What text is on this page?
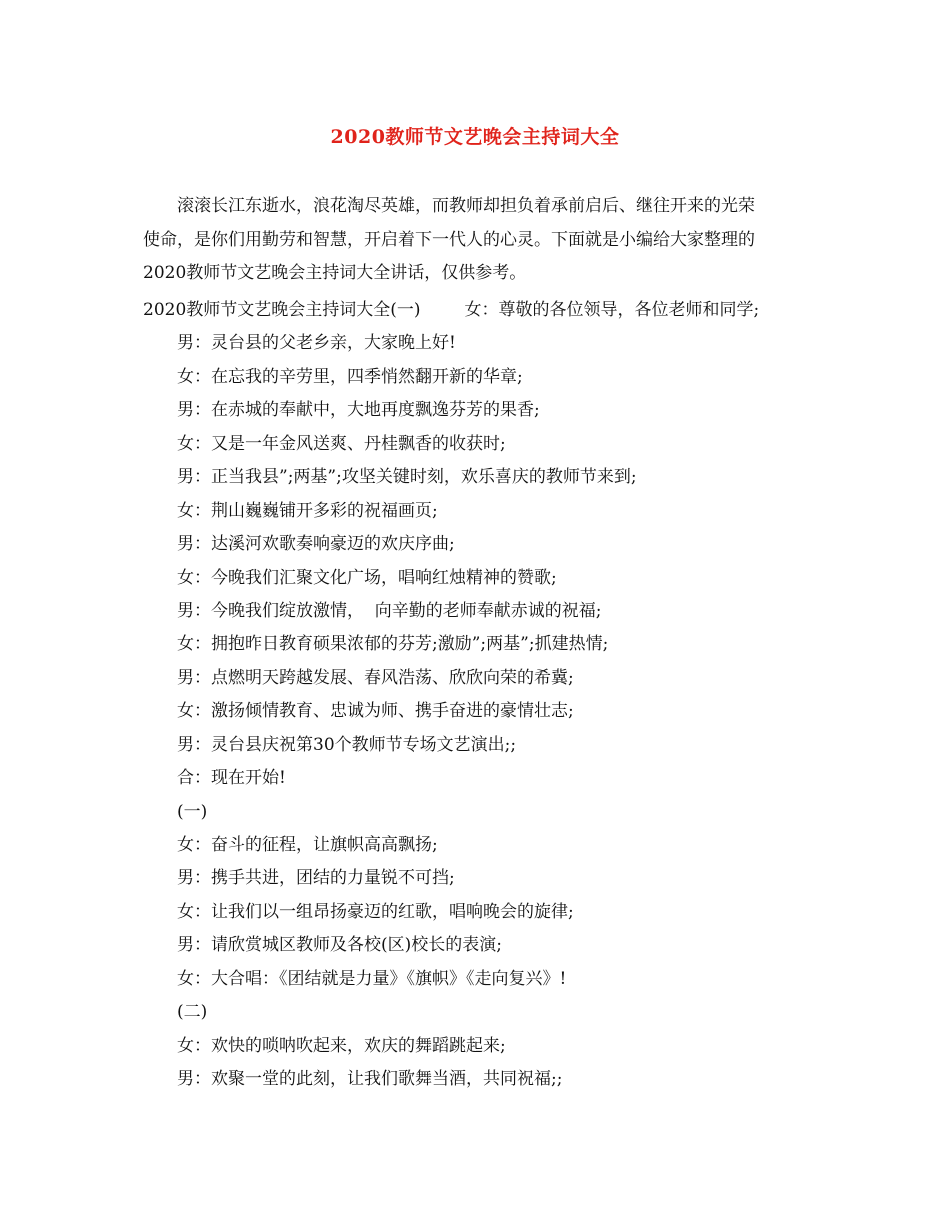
2020教师节文艺晚会主持词大全

滚滚长江东逝水，浪花淘尽英雄，而教师却担负着承前启后、继往开来的光荣

使命，是你们用勤劳和智慧，开启着下一代人的心灵。下面就是小编给大家整理的

2020教师节文艺晚会主持词大全讲话，仅供参考。

2020教师节文艺晚会主持词大全(一)	女：尊敬的各位领导，各位老师和同学;
男：灵台县的父老乡亲，大家晚上好!
女：在忘我的辛劳里，四季悄然翻开新的华章;
男：在赤城的奉献中，大地再度飘逸芬芳的果香;
女：又是一年金风送爽、丹桂飘香的收获时;
男：正当我县”;两基”;攻坚关键时刻，欢乐喜庆的教师节来到;
女：荆山巍巍铺开多彩的祝福画页;
男：达溪河欢歌奏响豪迈的欢庆序曲;
女：今晚我们汇聚文化广场，唱响红烛精神的赞歌;
男：今晚我们绽放激情，  向辛勤的老师奉献赤诚的祝福;
女：拥抱昨日教育硕果浓郁的芬芳;激励”;两基”;抓建热情;
男：点燃明天跨越发展、春风浩荡、欣欣向荣的希冀;
女：激扬倾情教育、忠诚为师、携手奋进的豪情壮志;
男：灵台县庆祝第30个教师节专场文艺演出;;
合：现在开始!
(一)
女：奋斗的征程，让旗帜高高飘扬;
男：携手共进，团结的力量锐不可挡;
女：让我们以一组昂扬豪迈的红歌，唱响晚会的旋律;
男：请欣赏城区教师及各校(区)校长的表演;
女：大合唱：《团结就是力量》《旗帜》《走向复兴》!
(二)
女：欢快的唢呐吹起来，欢庆的舞蹈跳起来;
男：欢聚一堂的此刻，让我们歌舞当酒，共同祝福;;
